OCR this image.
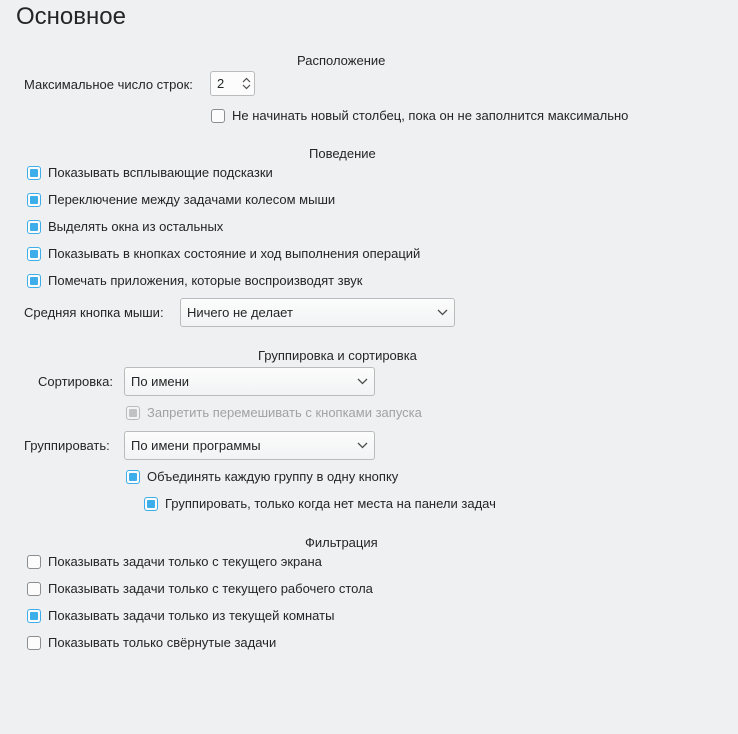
Основное
Расположение
Максимальное число строк: 2
Не начинать новый столбец, пока он не заполнится максимально
Поведение
Показывать всплывающие подсказки
Переключение между задачами колесом мыши
Выделять окна из остальных
Показывать в кнопках состояние и ход выполнения операций
Помечать приложения, которые воспроизводят звук
Средняя кнопка мыши: Ничего не делает
Группировка и сортировка
Сортировка: По имени
Запретить перемешивать с кнопками запуска
Группировать: По имени программы
Объединять каждую группу в одну кнопку
Группировать, только когда нет места на панели задач
Фильтрация
Показывать задачи только с текущего экрана
Показывать задачи только с текущего рабочего стола
Показывать задачи только из текущей комнаты
Показывать только свёрнутые задачи
